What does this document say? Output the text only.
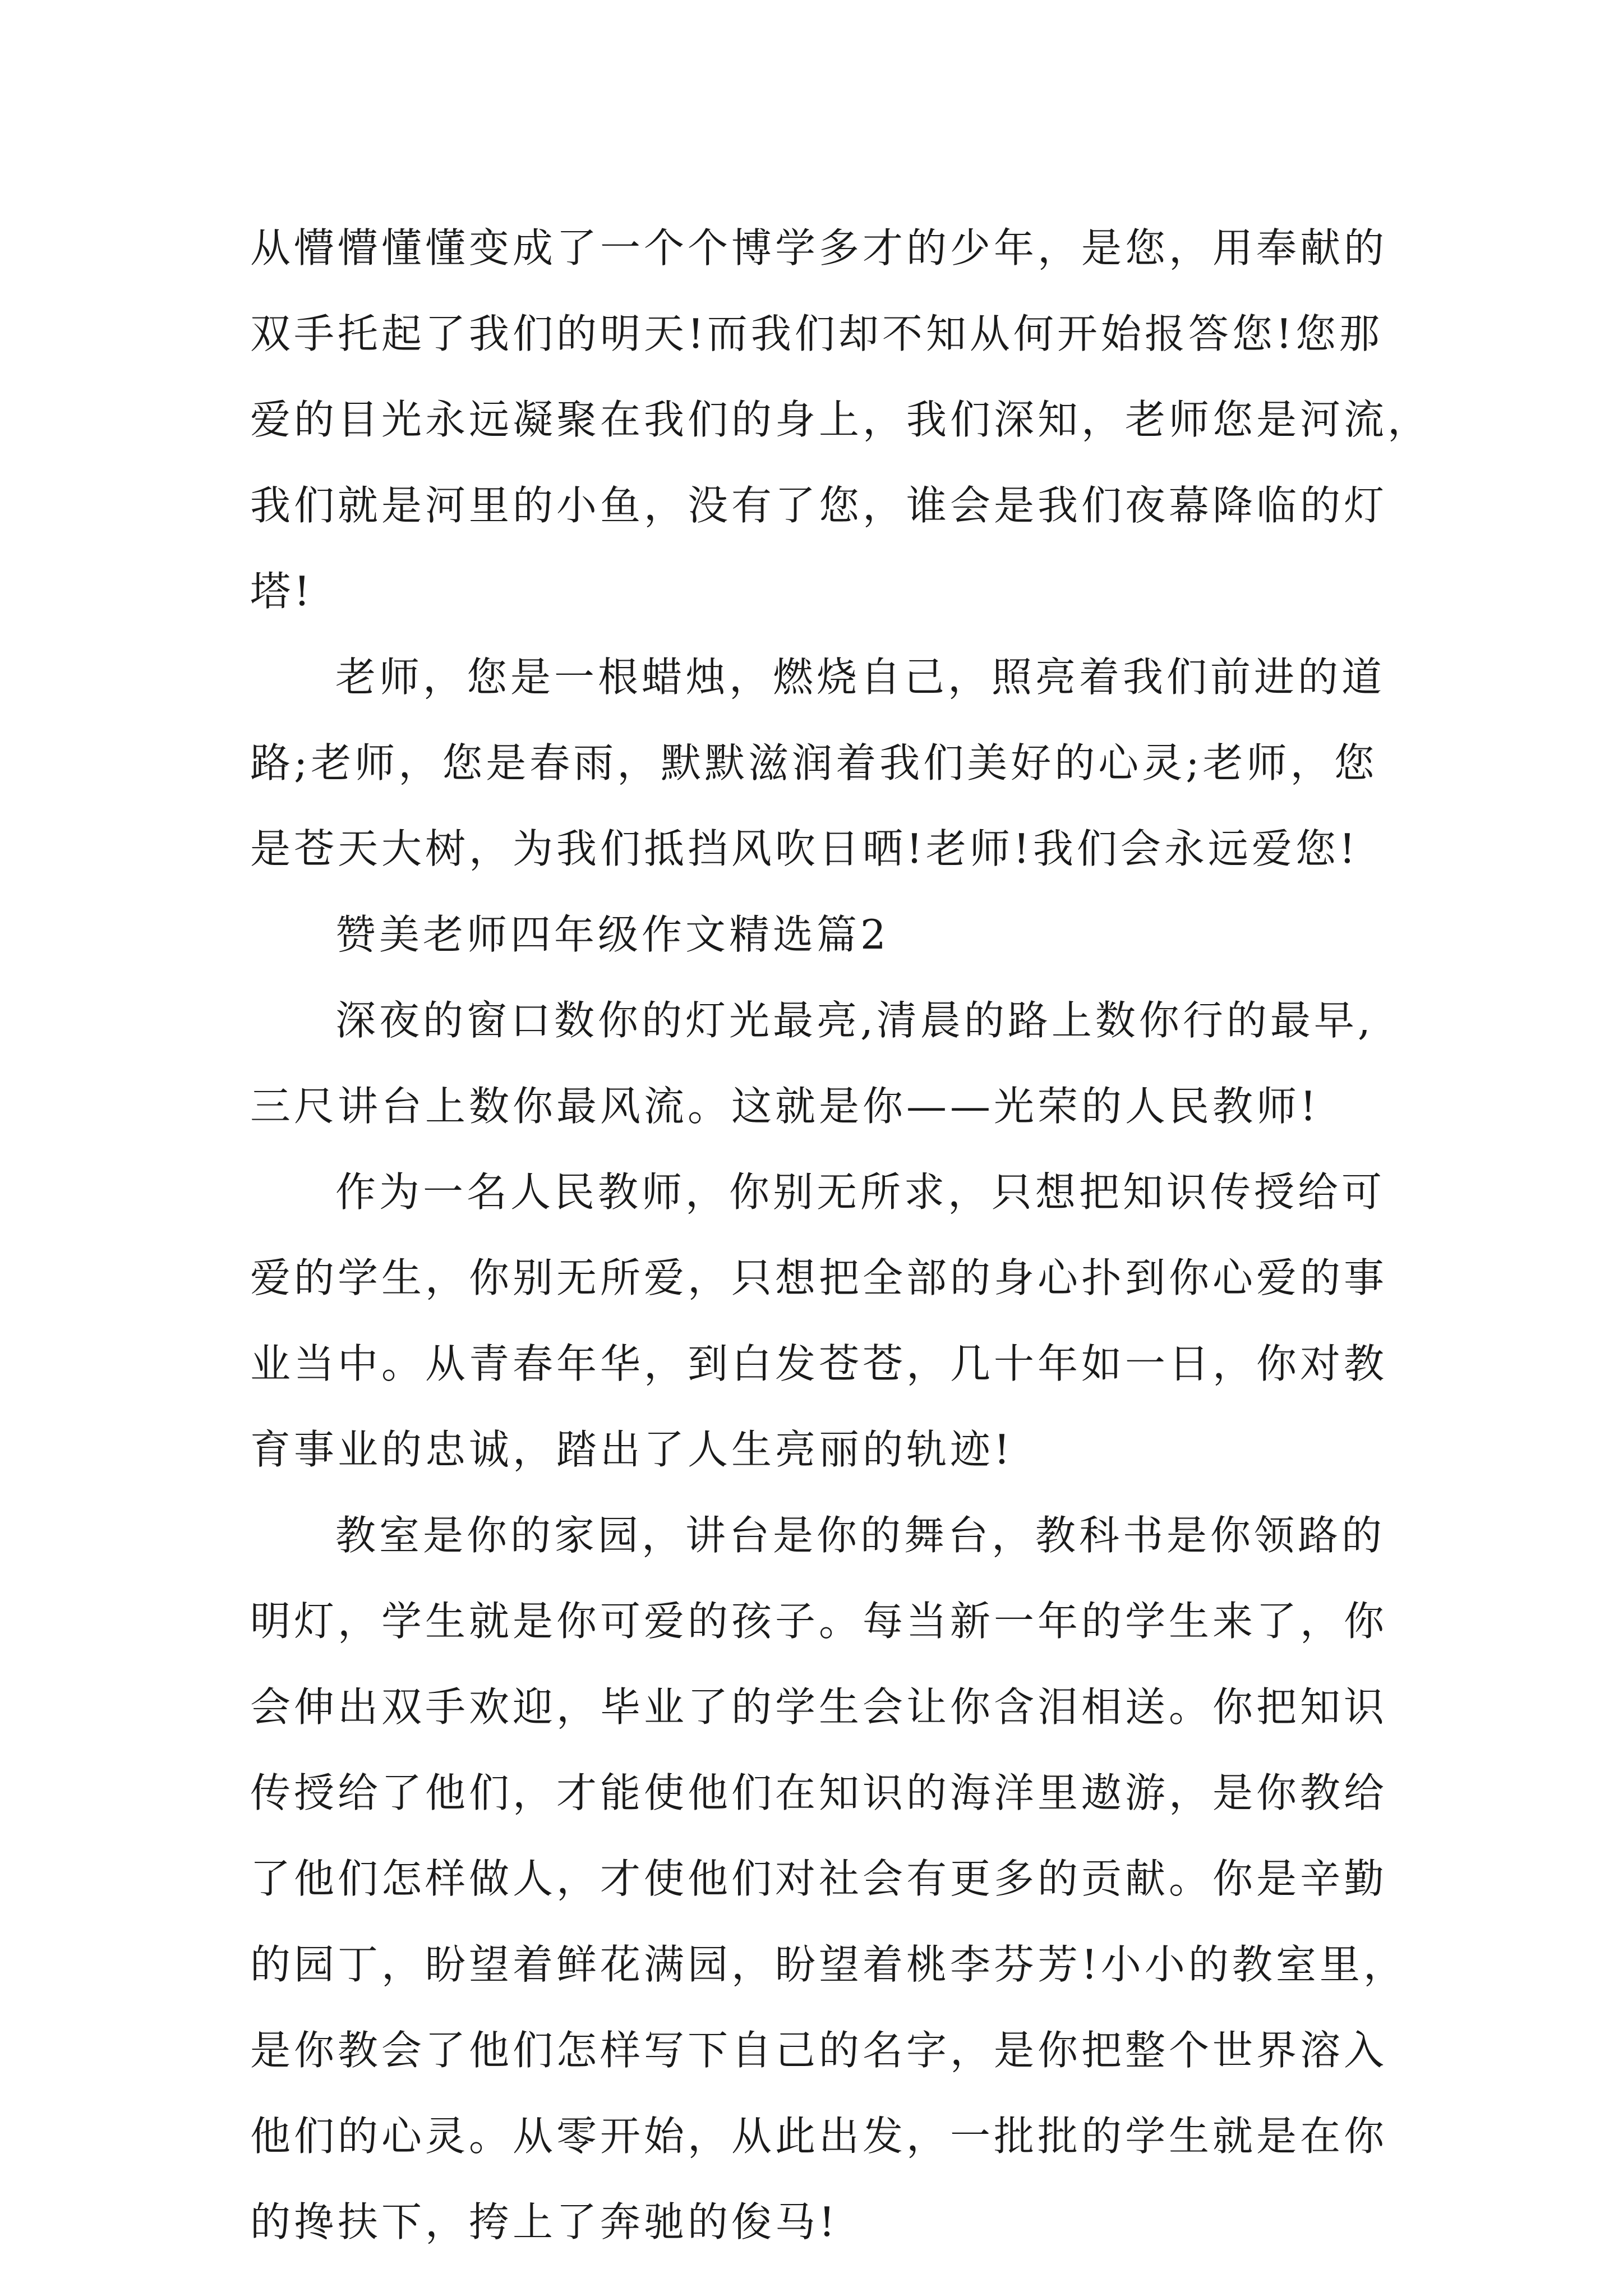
从懵懵懂懂变成了一个个博学多才的少年，是您，用奉献的
双手托起了我们的明天!而我们却不知从何开始报答您!您那
爱的目光永远凝聚在我们的身上，我们深知，老师您是河流，
我们就是河里的小鱼，没有了您，谁会是我们夜幕降临的灯
塔!
老师，您是一根蜡烛，燃烧自己，照亮着我们前进的道
路;老师，您是春雨，默默滋润着我们美好的心灵;老师，您
是苍天大树，为我们抵挡风吹日晒!老师!我们会永远爱您!
赞美老师四年级作文精选篇2
深夜的窗口数你的灯光最亮,清晨的路上数你行的最早,
三尺讲台上数你最风流。这就是你——光荣的人民教师!
作为一名人民教师，你别无所求，只想把知识传授给可
爱的学生，你别无所爱，只想把全部的身心扑到你心爱的事
业当中。从青春年华，到白发苍苍，几十年如一日，你对教
育事业的忠诚，踏出了人生亮丽的轨迹!
教室是你的家园，讲台是你的舞台，教科书是你领路的
明灯，学生就是你可爱的孩子。每当新一年的学生来了，你
会伸出双手欢迎，毕业了的学生会让你含泪相送。你把知识
传授给了他们，才能使他们在知识的海洋里遨游，是你教给
了他们怎样做人，才使他们对社会有更多的贡献。你是辛勤
的园丁，盼望着鲜花满园，盼望着桃李芬芳!小小的教室里，
是你教会了他们怎样写下自己的名字，是你把整个世界溶入
他们的心灵。从零开始，从此出发，一批批的学生就是在你
的搀扶下，挎上了奔驰的俊马!
